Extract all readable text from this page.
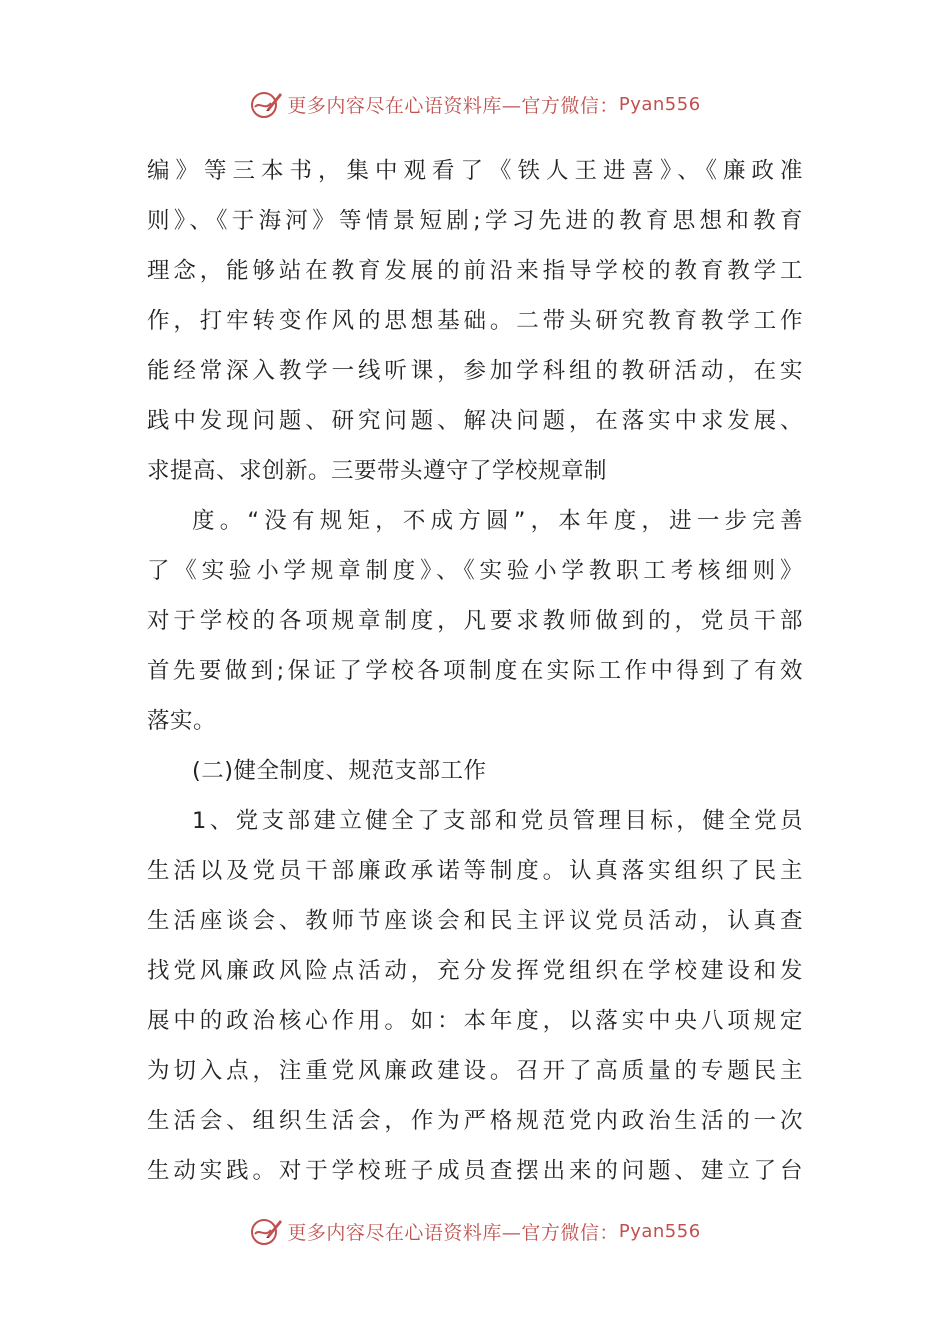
更多内容尽在心语资料库—官方微信： Pyan556
编》等三本书，集中观看了《铁人王进喜》、《廉政准
则》、《于海河》等情景短剧;学习先进的教育思想和教育
理念，能够站在教育发展的前沿来指导学校的教育教学工
作，打牢转变作风的思想基础。二带头研究教育教学工作
能经常深入教学一线听课，参加学科组的教研活动，在实
践中发现问题、研究问题、解决问题，在落实中求发展、
求提高、求创新。三要带头遵守了学校规章制
度。“没有规矩，不成方圆”，本年度，进一步完善
了《实验小学规章制度》、《实验小学教职工考核细则》
对于学校的各项规章制度，凡要求教师做到的，党员干部
首先要做到;保证了学校各项制度在实际工作中得到了有效
落实。
(二)健全制度、规范支部工作
1、党支部建立健全了支部和党员管理目标，健全党员
生活以及党员干部廉政承诺等制度。认真落实组织了民主
生活座谈会、教师节座谈会和民主评议党员活动，认真查
找党风廉政风险点活动，充分发挥党组织在学校建设和发
展中的政治核心作用。如：本年度，以落实中央八项规定
为切入点，注重党风廉政建设。召开了高质量的专题民主
生活会、组织生活会，作为严格规范党内政治生活的一次
生动实践。对于学校班子成员查摆出来的问题、建立了台
更多内容尽在心语资料库—官方微信： Pyan556
